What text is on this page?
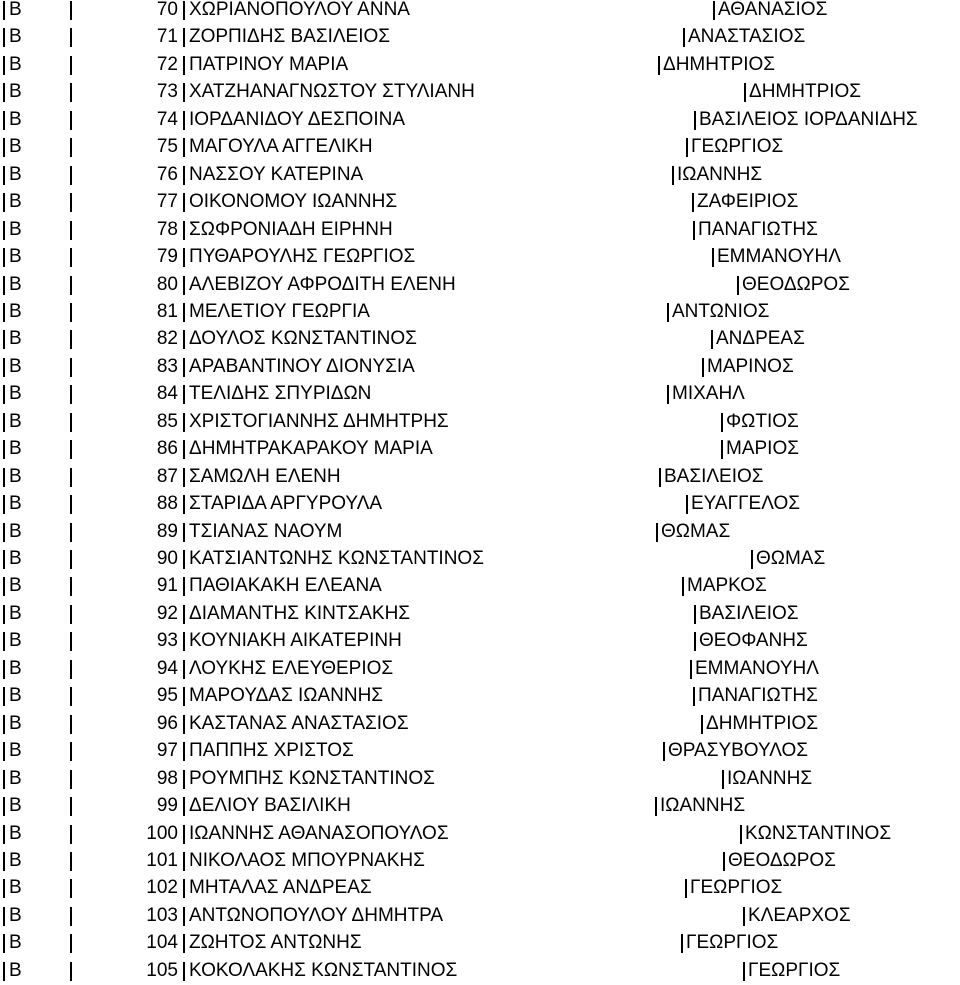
Β	70 ΧΩΡΙΑΝΟΠΟΥΛΟΥ ΑΝΝΑ	ΑΘΑΝΑΣΙΟΣ
Β	71 ΖΟΡΠΙΔΗΣ ΒΑΣΙΛΕΙΟΣ	ΑΝΑΣΤΑΣΙΟΣ
Β	72 ΠΑΤΡΙΝΟΥ ΜΑΡΙΑ	ΔΗΜΗΤΡΙΟΣ
Β	73 ΧΑΤΖΗΑΝΑΓΝΩΣΤΟΥ ΣΤΥΛΙΑΝΗ	ΔΗΜΗΤΡΙΟΣ
Β	74 ΙΟΡΔΑΝΙΔΟΥ ΔΕΣΠΟΙΝΑ	ΒΑΣΙΛΕΙΟΣ ΙΟΡΔΑΝΙΔΗΣ
Β	75 ΜΑΓΟΥΛΑ ΑΓΓΕΛΙΚΗ	ΓΕΩΡΓΙΟΣ
Β	76 ΝΑΣΣΟΥ ΚΑΤΕΡΙΝΑ	ΙΩΑΝΝΗΣ
Β	77 ΟΙΚΟΝΟΜΟΥ ΙΩΑΝΝΗΣ	ΖΑΦΕΙΡΙΟΣ
Β	78 ΣΩΦΡΟΝΙΑΔΗ ΕΙΡΗΝΗ	ΠΑΝΑΓΙΩΤΗΣ
Β	79 ΠΥΘΑΡΟΥΛΗΣ ΓΕΩΡΓΙΟΣ	ΕΜΜΑΝΟΥΗΛ
Β	80 ΑΛΕΒΙΖΟΥ ΑΦΡΟΔΙΤΗ ΕΛΕΝΗ	ΘΕΟΔΩΡΟΣ
Β	81 ΜΕΛΕΤΙΟΥ ΓΕΩΡΓΙΑ	ΑΝΤΩΝΙΟΣ
Β	82 ΔΟΥΛΟΣ ΚΩΝΣΤΑΝΤΙΝΟΣ	ΑΝΔΡΕΑΣ
Β	83 ΑΡΑΒΑΝΤΙΝΟΥ ΔΙΟΝΥΣΙΑ	ΜΑΡΙΝΟΣ
Β	84 ΤΕΛΙΔΗΣ ΣΠΥΡΙΔΩΝ	ΜΙΧΑΗΛ
Β	85 ΧΡΙΣΤΟΓΙΑΝΝΗΣ ΔΗΜΗΤΡΗΣ	ΦΩΤΙΟΣ
Β	86 ΔΗΜΗΤΡΑΚΑΡΑΚΟΥ ΜΑΡΙΑ	ΜΑΡΙΟΣ
Β	87 ΣΑΜΩΛΗ ΕΛΕΝΗ	ΒΑΣΙΛΕΙΟΣ
Β	88 ΣΤΑΡΙΔΑ ΑΡΓΥΡΟΥΛΑ	ΕΥΑΓΓΕΛΟΣ
Β	89 ΤΣΙΑΝΑΣ ΝΑΟΥΜ	ΘΩΜΑΣ
Β	90 ΚΑΤΣΙΑΝΤΩΝΗΣ ΚΩΝΣΤΑΝΤΙΝΟΣ	ΘΩΜΑΣ
Β	91 ΠΑΘΙΑΚΑΚΗ ΕΛΕΑΝΑ	ΜΑΡΚΟΣ
Β	92 ΔΙΑΜΑΝΤΗΣ ΚΙΝΤΣΑΚΗΣ	ΒΑΣΙΛΕΙΟΣ
Β	93 ΚΟΥΝΙΑΚΗ ΑΙΚΑΤΕΡΙΝΗ	ΘΕΟΦΑΝΗΣ
Β	94 ΛΟΥΚΗΣ ΕΛΕΥΘΕΡΙΟΣ	ΕΜΜΑΝΟΥΗΛ
Β	95 ΜΑΡΟΥΔΑΣ ΙΩΑΝΝΗΣ	ΠΑΝΑΓΙΩΤΗΣ
Β	96 ΚΑΣΤΑΝΑΣ ΑΝΑΣΤΑΣΙΟΣ	ΔΗΜΗΤΡΙΟΣ
Β	97 ΠΑΠΠΗΣ ΧΡΙΣΤΟΣ	ΘΡΑΣΥΒΟΥΛΟΣ
Β	98 ΡΟΥΜΠΗΣ ΚΩΝΣΤΑΝΤΙΝΟΣ	ΙΩΑΝΝΗΣ
Β	99 ΔΕΛΙΟΥ ΒΑΣΙΛΙΚΗ	ΙΩΑΝΝΗΣ
Β	100 ΙΩΑΝΝΗΣ ΑΘΑΝΑΣΟΠΟΥΛΟΣ	ΚΩΝΣΤΑΝΤΙΝΟΣ
Β	101 ΝΙΚΟΛΑΟΣ ΜΠΟΥΡΝΑΚΗΣ	ΘΕΟΔΩΡΟΣ
Β	102 ΜΗΤΑΛΑΣ ΑΝΔΡΕΑΣ	ΓΕΩΡΓΙΟΣ
Β	103 ΑΝΤΩΝΟΠΟΥΛΟΥ ΔΗΜΗΤΡΑ	ΚΛΕΑΡΧΟΣ
Β	104 ΖΩΗΤΟΣ ΑΝΤΩΝΗΣ	ΓΕΩΡΓΙΟΣ
Β	105 ΚΟΚΟΛΑΚΗΣ ΚΩΝΣΤΑΝΤΙΝΟΣ	ΓΕΩΡΓΙΟΣ
